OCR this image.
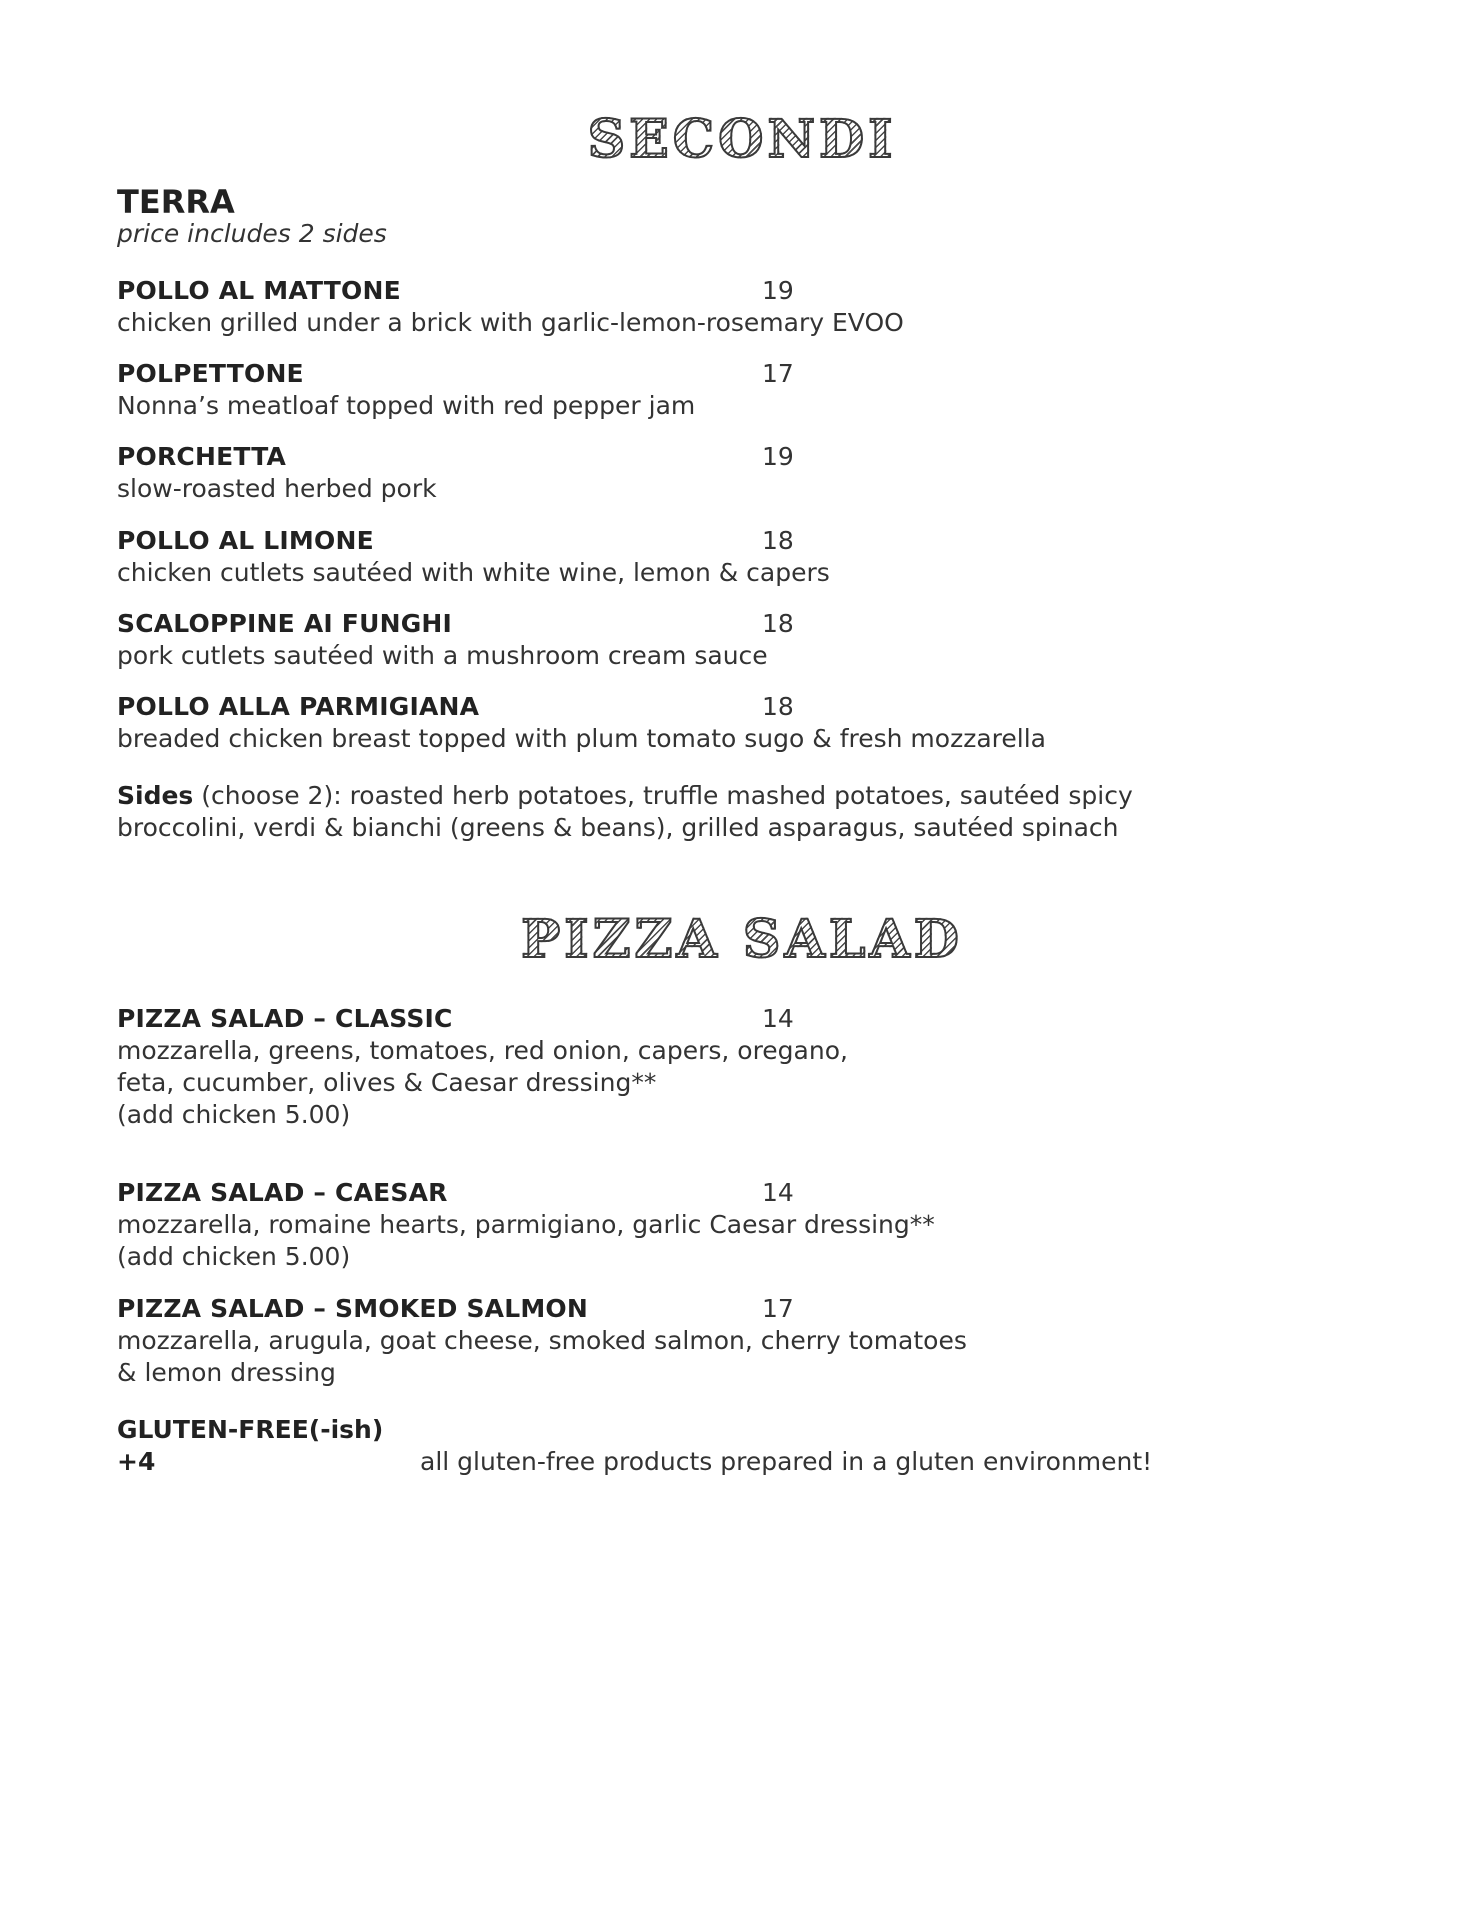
SECONDI
TERRA
price includes 2 sides
POLLO AL MATTONE	19
chicken grilled under a brick with garlic-lemon-rosemary EVOO
POLPETTONE	17
Nonna’s meatloaf topped with red pepper jam
PORCHETTA	19
slow-roasted herbed pork
POLLO AL LIMONE	18
chicken cutlets sautéed with white wine, lemon & capers
SCALOPPINE AI FUNGHI	18
pork cutlets sautéed with a mushroom cream sauce
POLLO ALLA PARMIGIANA	18
breaded chicken breast topped with plum tomato sugo & fresh mozzarella
Sides (choose 2): roasted herb potatoes, truffle mashed potatoes, sautéed spicy broccolini, verdi & bianchi (greens & beans), grilled asparagus, sautéed spinach
PIZZA SALAD
PIZZA SALAD – CLASSIC	14
mozzarella, greens, tomatoes, red onion, capers, oregano,
feta, cucumber, olives & Caesar dressing**
(add chicken 5.00)
PIZZA SALAD – CAESAR	14
mozzarella, romaine hearts, parmigiano, garlic Caesar dressing**
(add chicken 5.00)
PIZZA SALAD – SMOKED SALMON	17
mozzarella, arugula, goat cheese, smoked salmon, cherry tomatoes
& lemon dressing
GLUTEN-FREE(-ish) +4	all gluten-free products prepared in a gluten environment!
